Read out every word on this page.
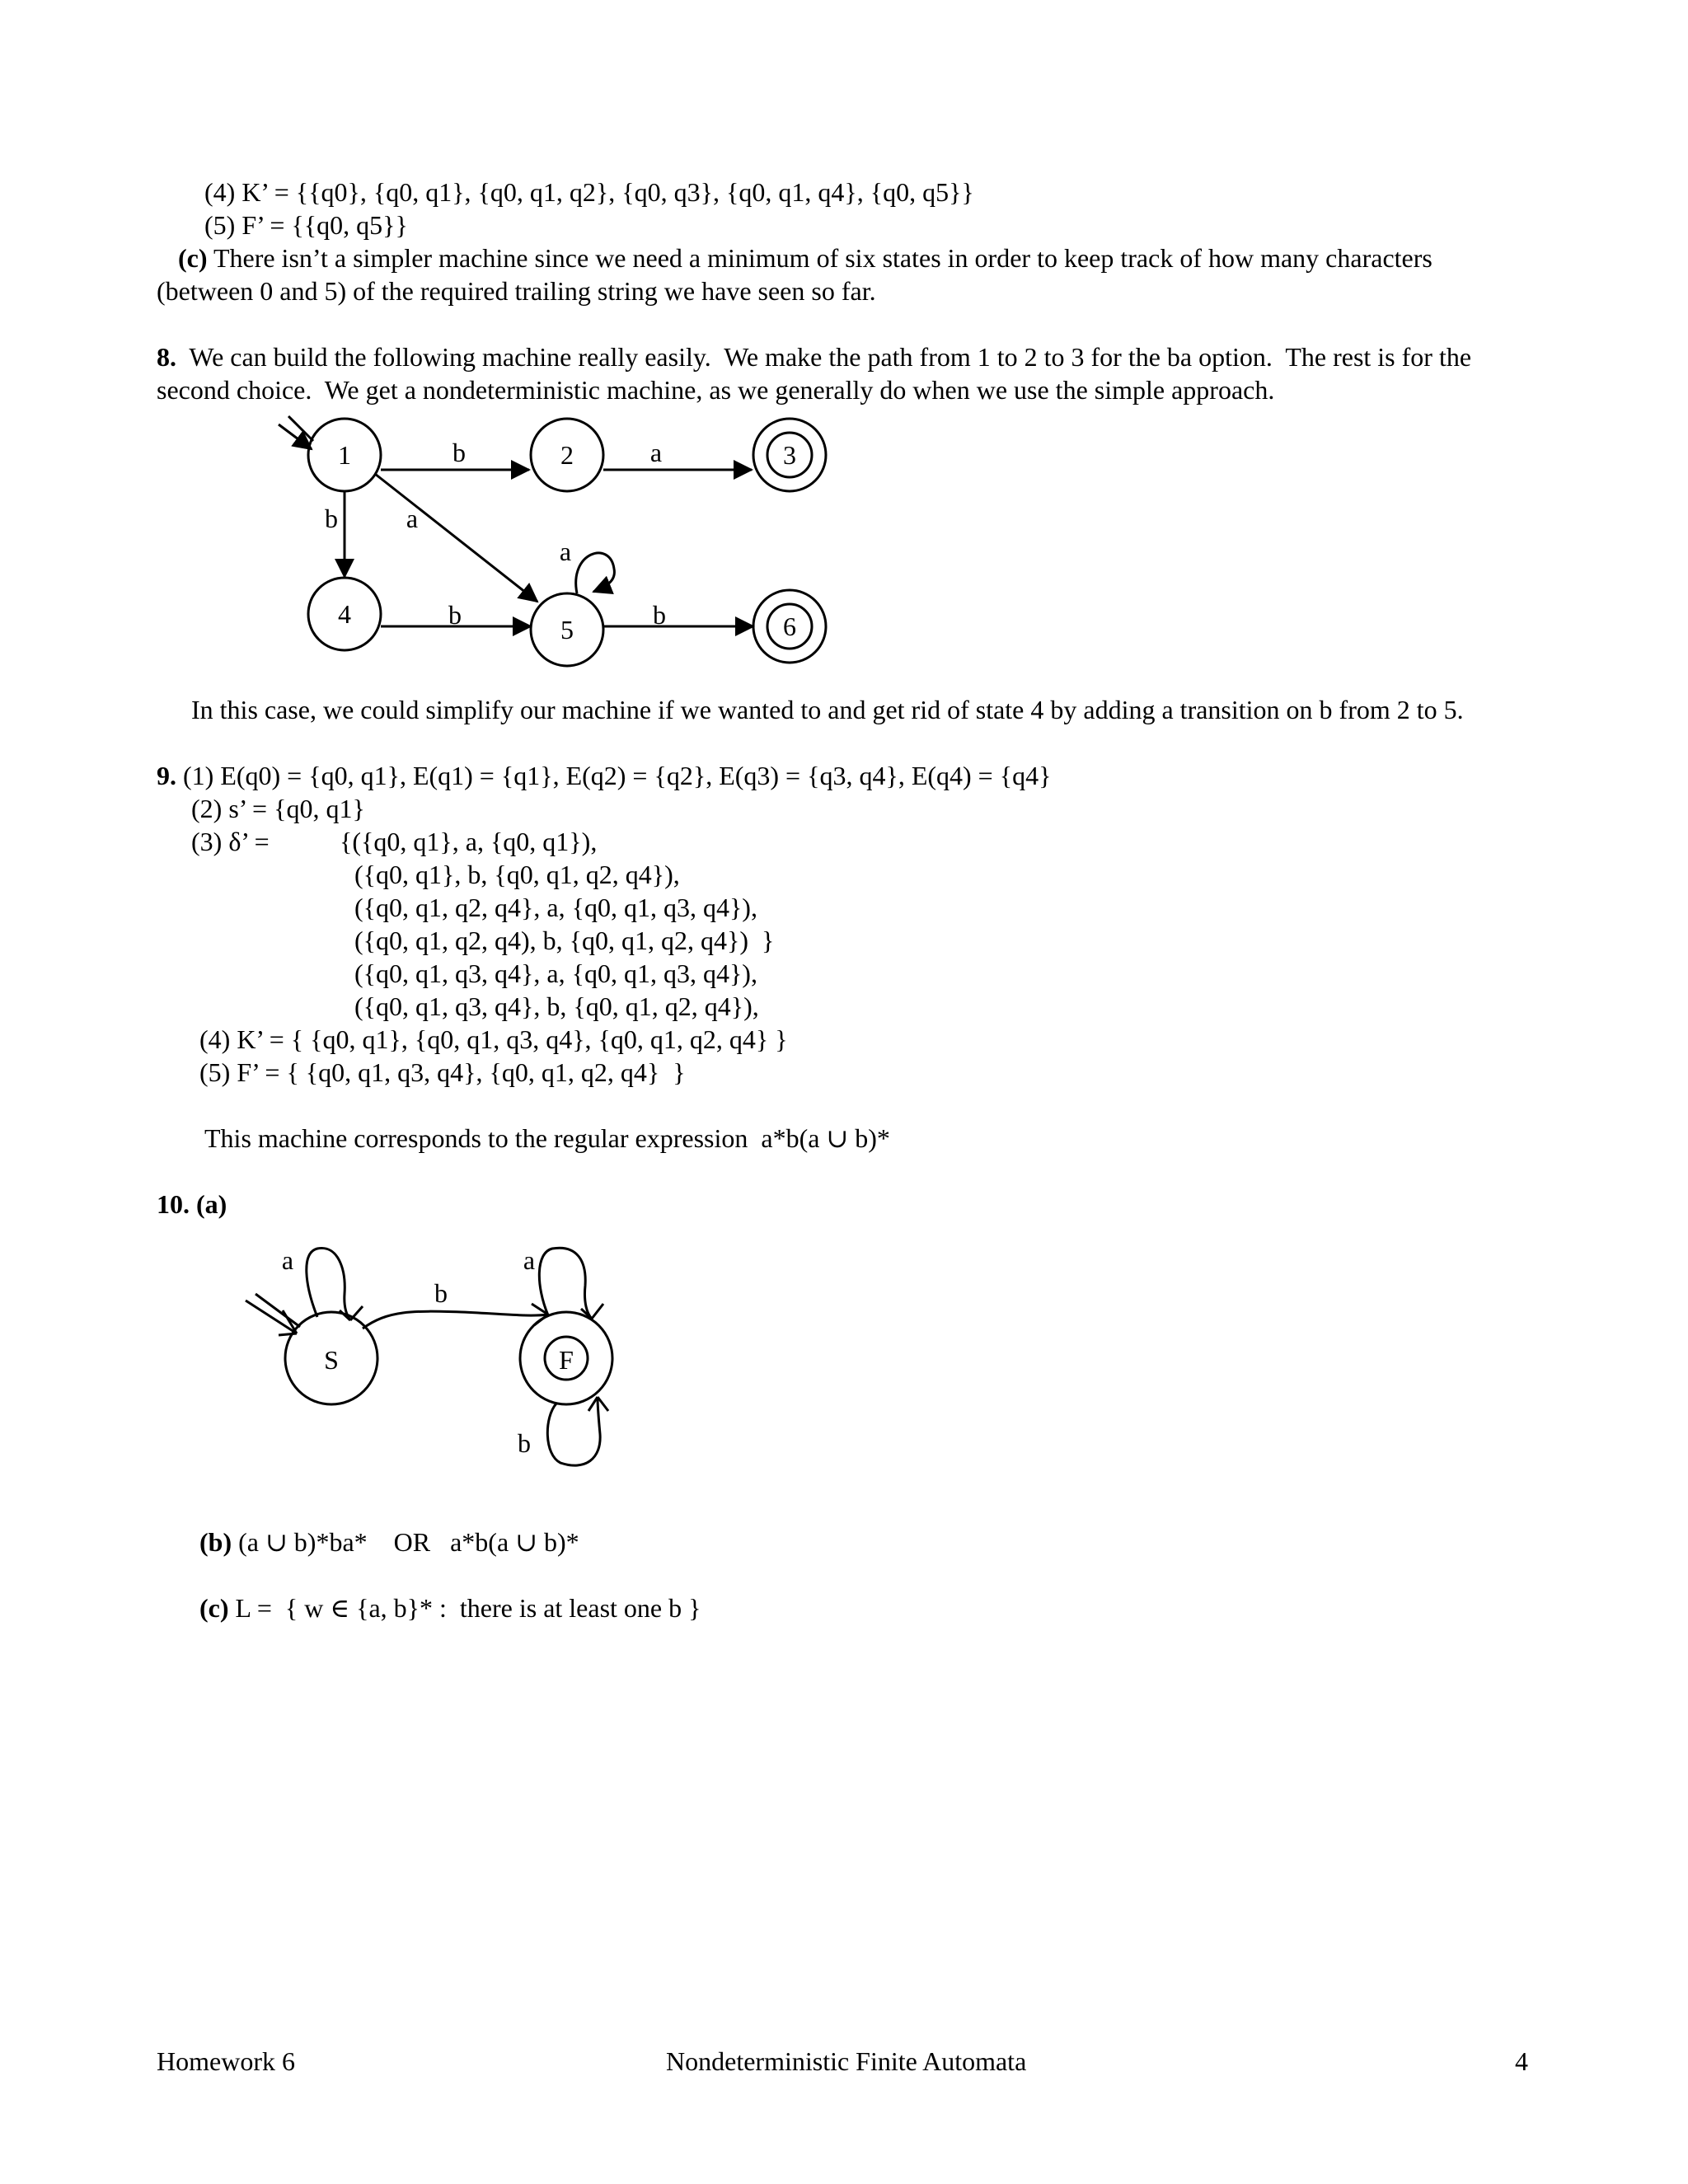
(4) K’ = {{q0}, {q0, q1}, {q0, q1, q2}, {q0, q3}, {q0, q1, q4}, {q0, q5}}
(5) F’ = {{q0, q5}}
(c) There isn’t a simpler machine since we need a minimum of six states in order to keep track of how many characters
(between 0 and 5) of the required trailing string we have seen so far.
8.  We can build the following machine really easily.  We make the path from 1 to 2 to 3 for the ba option.  The rest is for the
second choice.  We get a nondeterministic machine, as we generally do when we use the simple approach.
1	2	3
4
5	6
b	a
b	a
b	b
a
S	F
a	a
b
b
In this case, we could simplify our machine if we wanted to and get rid of state 4 by adding a transition on b from 2 to 5.
9. (1) E(q0) = {q0, q1}, E(q1) = {q1}, E(q2) = {q2}, E(q3) = {q3, q4}, E(q4) = {q4}
(2) s’ = {q0, q1}
(3) δ’ =	{({q0, q1}, a, {q0, q1}),
({q0, q1}, b, {q0, q1, q2, q4}),
({q0, q1, q2, q4}, a, {q0, q1, q3, q4}),
({q0, q1, q2, q4), b, {q0, q1, q2, q4})  }
({q0, q1, q3, q4}, a, {q0, q1, q3, q4}),
({q0, q1, q3, q4}, b, {q0, q1, q2, q4}),
(4) K’ = { {q0, q1}, {q0, q1, q3, q4}, {q0, q1, q2, q4} }
(5) F’ = { {q0, q1, q3, q4}, {q0, q1, q2, q4}  }
This machine corresponds to the regular expression  a*b(a ∪ b)*
10. (a)
(b) (a ∪ b)*ba*    OR   a*b(a ∪ b)*
(c) L =  { w ∈ {a, b}* :  there is at least one b }
Homework 6	Nondeterministic Finite Automata	4
